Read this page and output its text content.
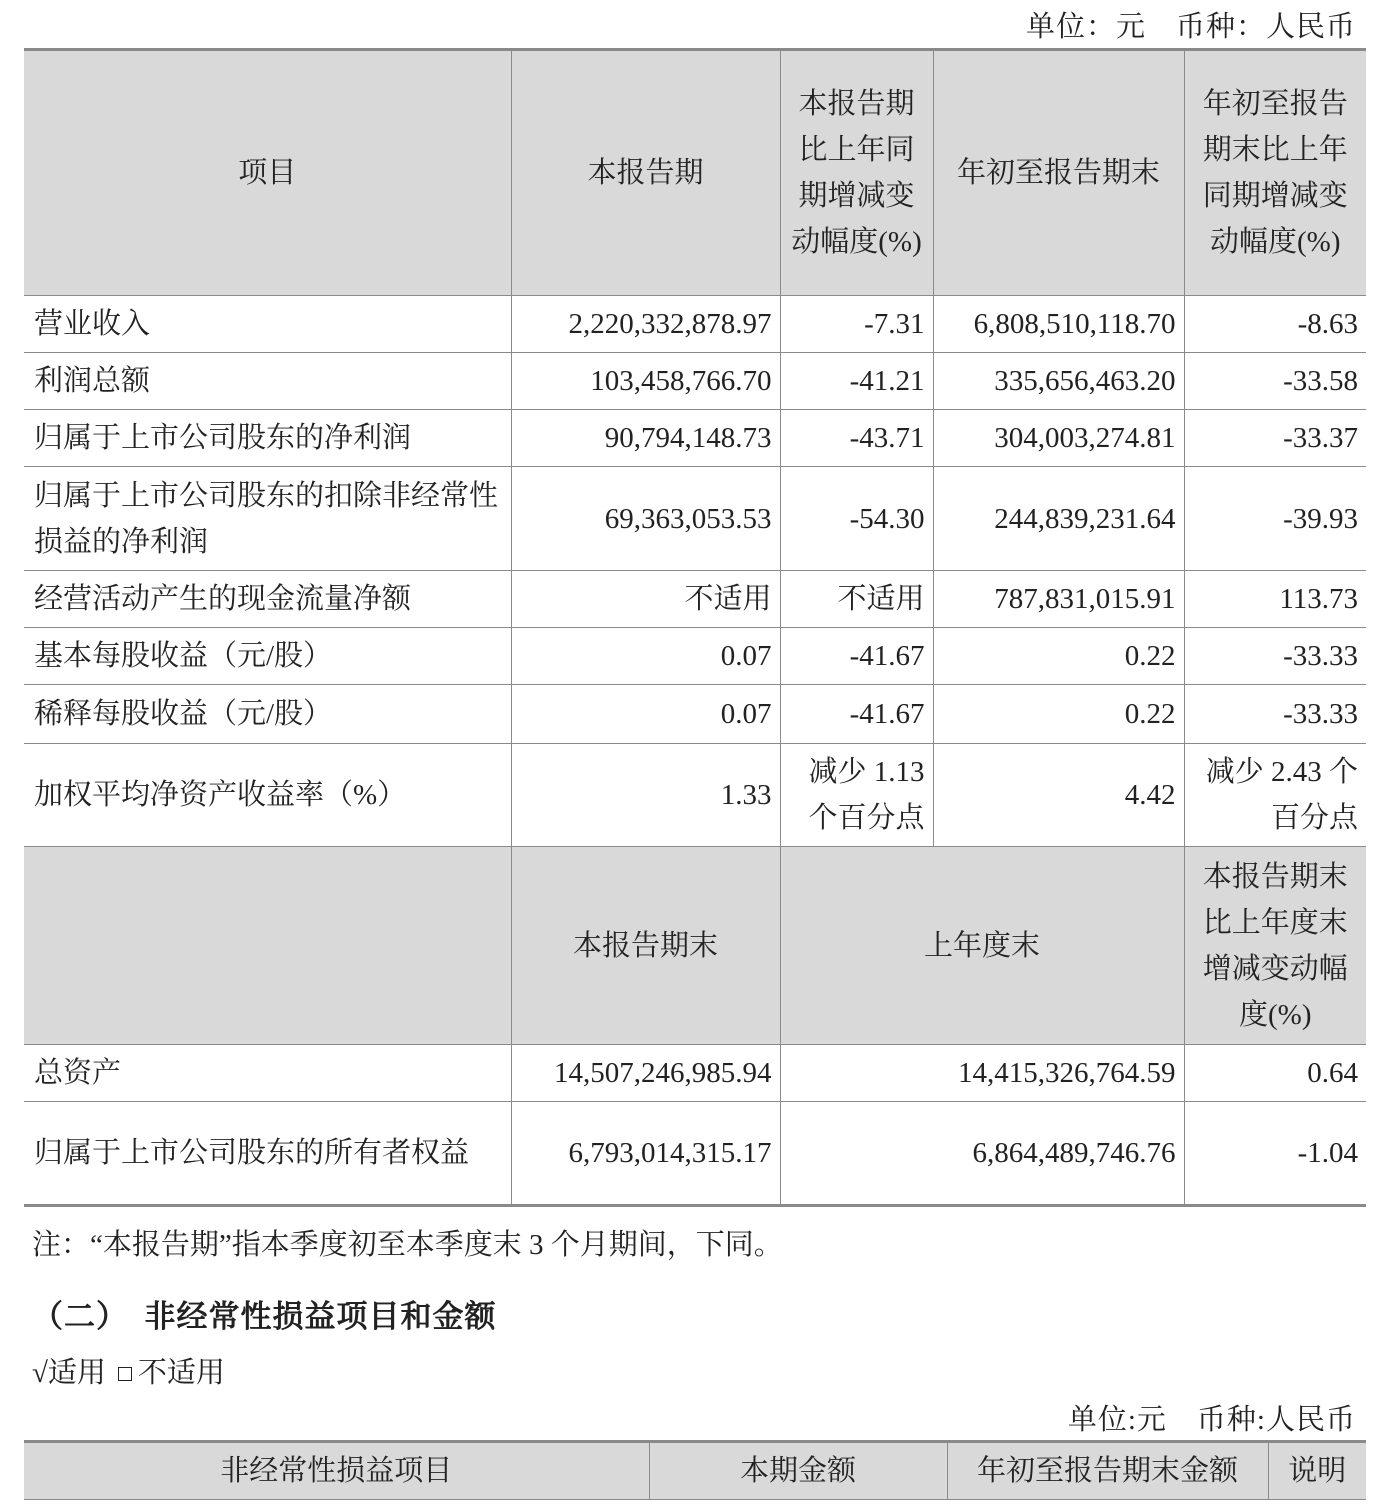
单位：元　币种：人民币
项目	本报告期	本报告期比上年同期增减变动幅度(%)	年初至报告期末	年初至报告期末比上年同期增减变动幅度(%)
营业收入	2,220,332,878.97	-7.31	6,808,510,118.70	-8.63
利润总额	103,458,766.70	-41.21	335,656,463.20	-33.58
归属于上市公司股东的净利润	90,794,148.73	-43.71	304,003,274.81	-33.37
归属于上市公司股东的扣除非经常性损益的净利润	69,363,053.53	-54.30	244,839,231.64	-39.93
经营活动产生的现金流量净额	不适用	不适用	787,831,015.91	113.73
基本每股收益（元/股）	0.07	-41.67	0.22	-33.33
稀释每股收益（元/股）	0.07	-41.67	0.22	-33.33
加权平均净资产收益率（%）	1.33	减少 1.13 个百分点	4.42	减少 2.43 个百分点
	本报告期末	上年度末		本报告期末比上年度末增减变动幅度(%)
总资产	14,507,246,985.94	14,415,326,764.59		0.64
归属于上市公司股东的所有者权益	6,793,014,315.17	6,864,489,746.76		-1.04
注：“本报告期”指本季度初至本季度末 3 个月期间，下同。
（二）　非经常性损益项目和金额
√适用 不适用
单位:元　币种:人民币
非经常性损益项目	本期金额	年初至报告期末金额	说明
